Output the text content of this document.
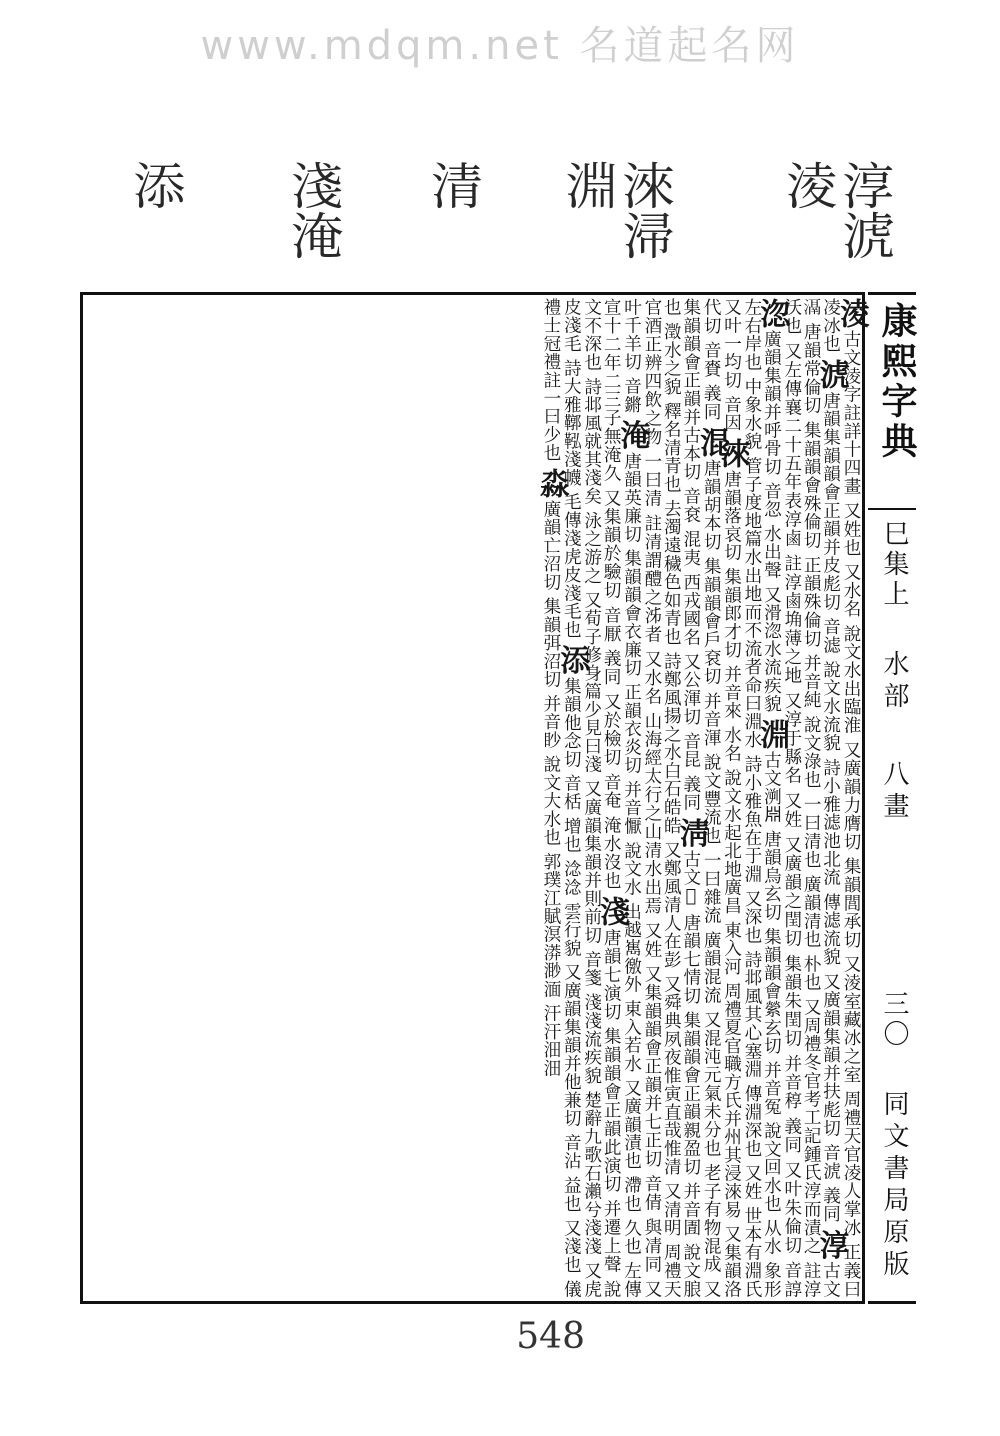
www.mdqm.net 名道起名网
添 淺淹 清	淶㴆淵	淳淲淩
淩古文淩字註詳十四畫 又姓也 又水名 說文水出臨淮 又廣韻力膺切 集韻閭承切 又淩室藏冰之室 周禮天官凌人掌冰 正義曰 凌冰也 淲唐韻集韻韻會正韻并皮彪切 音滤 說文水流貌 詩小雅滤池北流 傳滤流貌 又廣韻集韻并扶彪切 音淲 義同 淳古文𣽐 唐韻常倫切 集韻韻會殊倫切 正韻殊倫切 并音純 說文淥也 一曰清也 廣韻清也 朴也 又周禮冬官考工記鍾氏淳而漬之 註淳沃也 又左傳襄二十五年表淳鹵 註淳鹵埆薄之地 又淳于縣名 又姓 又廣韻之閏切 集韻朱閏切 并音稕 義同 又叶朱倫切 音諄 淴廣韻集韻并呼骨切 音忽 水出聲 又滑淴水流疾貌 淵古文㴊𣶒 唐韻烏玄切 集韻韻會縈玄切 并音冤 說文回水也 从水 象形 左右岸也 中象水貌 管子度地篇水出地而不流者命曰淵水 詩小雅魚在于淵 又深也 詩邶風其心塞淵 傳淵深也 又姓 世本有淵氏 又叶一均切 音因 淶唐韻落哀切 集韻郎才切 并音來 水名 說文水起北地廣昌 東入河 周禮夏官職方氏并州其浸淶易 又集韻洛代切 音賚 義同 混唐韻胡本切 集韻韻會戶袞切 并音渾 說文豐流也 一曰雜流 廣韻混流 又混沌元氣未分也 老子有物混成 又集韻韻會正韻并古本切 音袞 混夷 西戎國名 又公渾切 音昆 義同 淸古文𤀎 唐韻七情切 集韻韻會正韻親盈切 并音圊 說文朖也 澂水之貌 釋名清青也 去濁遠穢色如青也 詩鄭風揚之水白石皓皓 又鄭風清人在彭 又舜典夙夜惟寅直哉惟清 又清明 周禮天官酒正辨四飲之物 一曰清 註清謂醴之泲者 又水名 山海經太行之山清水出焉 又姓 又集韻韻會正韻并七正切 音倩 與凊同 又叶千羊切 音鏘 淹唐韻英廉切 集韻韻會衣廉切 正韻衣炎切 并音懨 說文水 出越嶲徼外 東入若水 又廣韻漬也 滯也 久也 左傳宣十二年二三子無淹久 又集韻於驗切 音厭 義同 又於檢切 音奄 淹水沒也 淺唐韻七演切 集韻韻會正韻此演切 并遷上聲 說文不深也 詩邶風就其淺矣 泳之游之 又荀子修身篇少見曰淺 又廣韻集韻并則前切 音箋 淺淺流疾貌 楚辭九歌石瀨兮淺淺 又虎皮淺毛 詩大雅鞹鞃淺幭 毛傳淺虎皮淺毛也 添集韻他念切 音栝 增也 淰淰 雲行貌 又廣韻集韻并他兼切 音沾 益也 又淺也 儀禮士冠禮註一曰少也 淼廣韻亡沼切 集韻弭沼切 并音眇 說文大水也 郭璞江賦溟漭渺湎 汗汗沺沺
康熙字典
巳集上
水部
八畫
三〇
同文書局原版
548
